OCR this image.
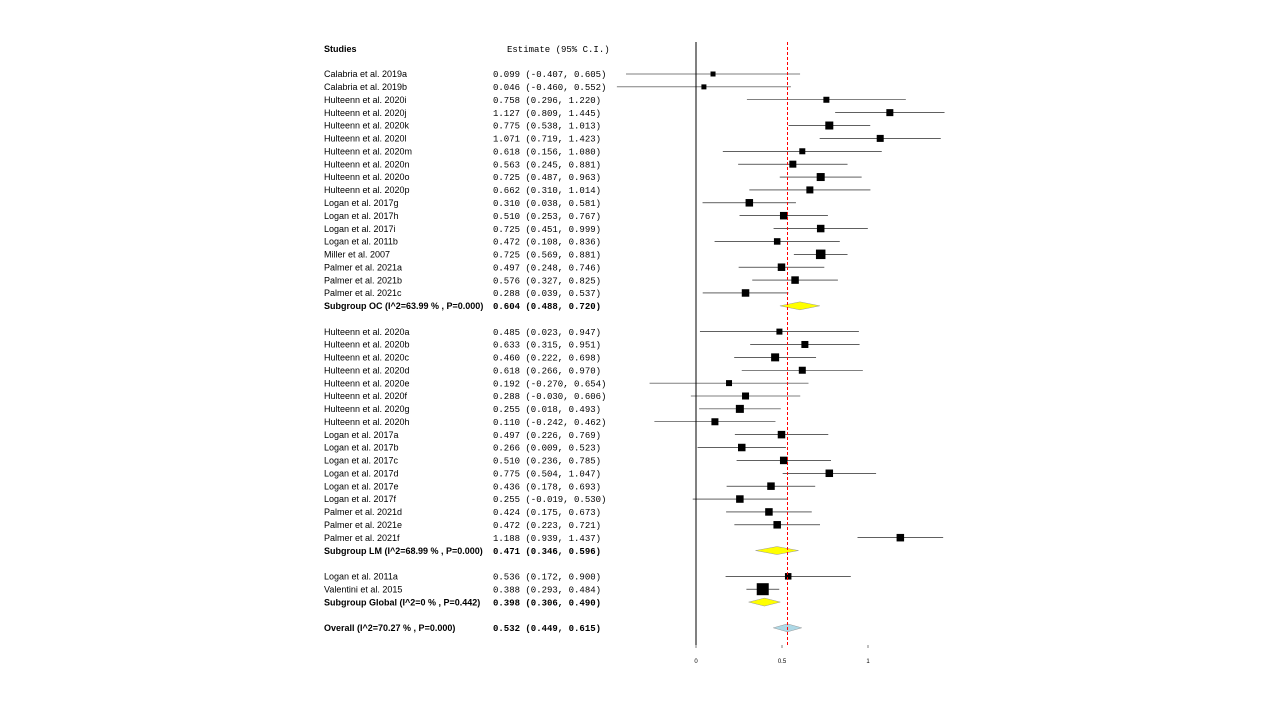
Studies	Estimate (95% C.I.)
Calabria et al. 2019a	0.099 (-0.407, 0.605)
Calabria et al. 2019b	0.046 (-0.460, 0.552)
Hulteenn et al. 2020i	0.758 (0.296, 1.220)
Hulteenn et al. 2020j	1.127 (0.809, 1.445)
Hulteenn et al. 2020k	0.775 (0.538, 1.013)
Hulteenn et al. 2020l	1.071 (0.719, 1.423)
Hulteenn et al. 2020m	0.618 (0.156, 1.080)
Hulteenn et al. 2020n	0.563 (0.245, 0.881)
Hulteenn et al. 2020o	0.725 (0.487, 0.963)
Hulteenn et al. 2020p	0.662 (0.310, 1.014)
Logan et al. 2017g	0.310 (0.038, 0.581)
Logan et al. 2017h	0.510 (0.253, 0.767)
Logan et al. 2017i	0.725 (0.451, 0.999)
Logan et al. 2011b	0.472 (0.108, 0.836)
Miller et al. 2007	0.725 (0.569, 0.881)
Palmer et al. 2021a	0.497 (0.248, 0.746)
Palmer et al. 2021b	0.576 (0.327, 0.825)
Palmer et al. 2021c	0.288 (0.039, 0.537)
Subgroup OC (I^2=63.99 % , P=0.000) 0.604 (0.488, 0.720)
Hulteenn et al. 2020a	0.485 (0.023, 0.947)
Hulteenn et al. 2020b	0.633 (0.315, 0.951)
Hulteenn et al. 2020c	0.460 (0.222, 0.698)
Hulteenn et al. 2020d	0.618 (0.266, 0.970)
Hulteenn et al. 2020e	0.192 (-0.270, 0.654)
Hulteenn et al. 2020f	0.288 (-0.030, 0.606)
Hulteenn et al. 2020g	0.255 (0.018, 0.493)
Hulteenn et al. 2020h	0.110 (-0.242, 0.462)
Logan et al. 2017a	0.497 (0.226, 0.769)
Logan et al. 2017b	0.266 (0.009, 0.523)
Logan et al. 2017c	0.510 (0.236, 0.785)
Logan et al. 2017d	0.775 (0.504, 1.047)
Logan et al. 2017e	0.436 (0.178, 0.693)
Logan et al. 2017f	0.255 (-0.019, 0.530)
Palmer et al. 2021d	0.424 (0.175, 0.673)
Palmer et al. 2021e	0.472 (0.223, 0.721)
Palmer et al. 2021f	1.188 (0.939, 1.437)
Subgroup LM (I^2=68.99 % , P=0.000) 0.471 (0.346, 0.596)
Logan et al. 2011a	0.536 (0.172, 0.900)
Valentini et al. 2015	0.388 (0.293, 0.484)
Subgroup Global (I^2=0 % , P=0.442) 0.398 (0.306, 0.490)
Overall (I^2=70.27 % , P=0.000)	0.532 (0.449, 0.615)
0	0.5	1
